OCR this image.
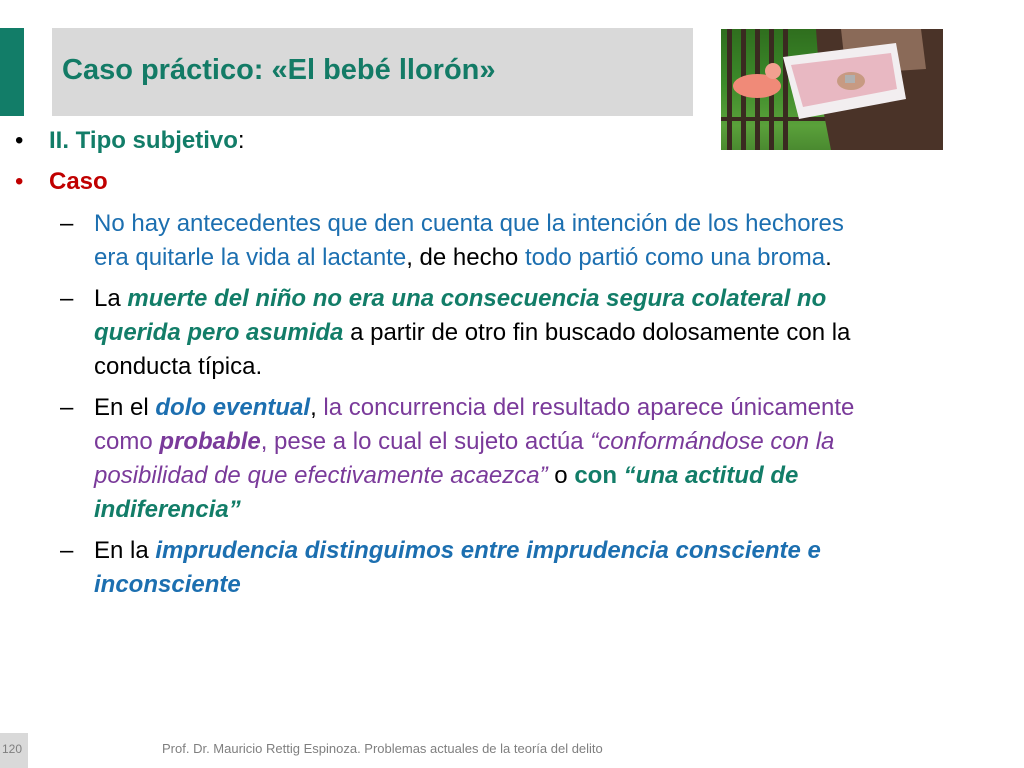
Caso práctico: «El bebé llorón»
• II. Tipo subjetivo:
• Caso
– No hay antecedentes que den cuenta que la intención de los hechores
era quitarle la vida al lactante, de hecho todo partió como una broma.
– La muerte del niño no era una consecuencia segura colateral no
querida pero asumida a partir de otro fin buscado dolosamente con la
conducta típica.
– En el dolo eventual, la concurrencia del resultado aparece únicamente
como probable, pese a lo cual el sujeto actúa “conformándose con la
posibilidad de que efectivamente acaezca” o con “una actitud de
indiferencia”
– En la imprudencia distinguimos entre imprudencia consciente e
inconsciente
120	Prof. Dr. Mauricio Rettig Espinoza. Problemas actuales de la teoría del delito
